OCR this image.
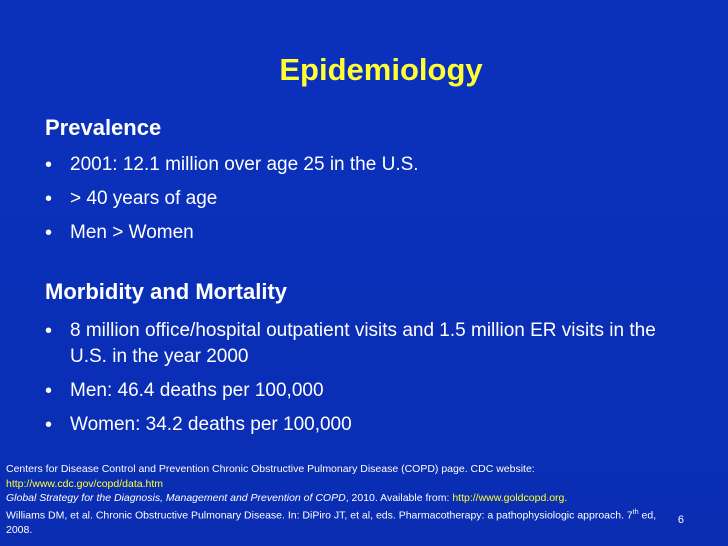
Epidemiology
Prevalence
• 2001: 12.1 million over age 25 in the U.S.
• > 40 years of age
• Men > Women
Morbidity and Mortality
• 8 million office/hospital outpatient visits and 1.5 million ER visits in the U.S. in the year 2000
• Men: 46.4 deaths per 100,000
• Women: 34.2 deaths per 100,000
Centers for Disease Control and Prevention Chronic Obstructive Pulmonary Disease (COPD) page. CDC website:
http://www.cdc.gov/copd/data.htm
Global Strategy for the Diagnosis, Management and Prevention of COPD, 2010. Available from: http://www.goldcopd.org.
Williams DM, et al. Chronic Obstructive Pulmonary Disease. In: DiPiro JT, et al, eds. Pharmacotherapy: a pathophysiologic approach. 7th ed, 2008.
6
